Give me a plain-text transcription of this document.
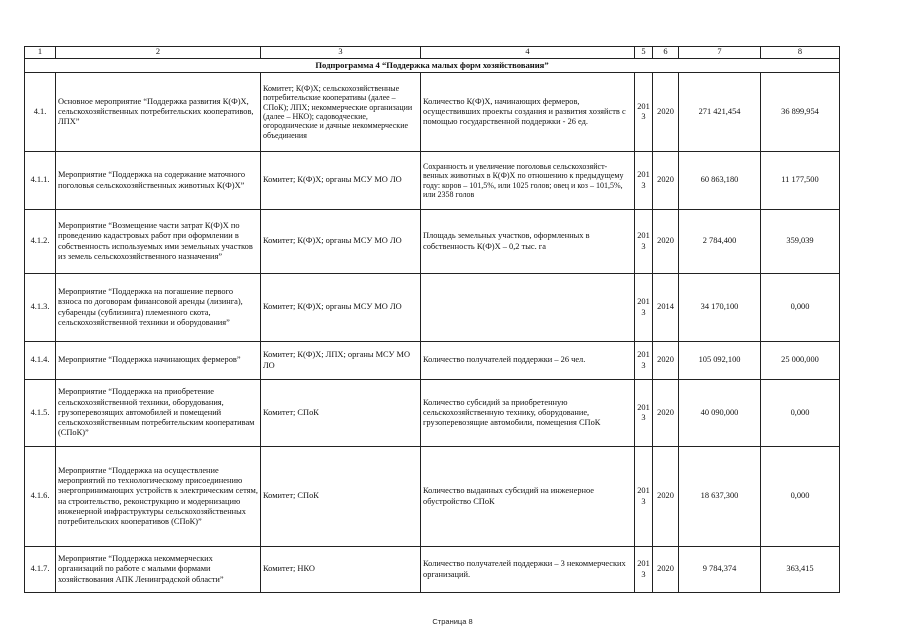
1	2	3	4	5	6	7	8
Подпрограмма 4 “Поддержка малых форм хозяйствования”							
4.1.	Основное мероприятие “Поддержка развития К(Ф)Х, сельскохозяйственных потребительских кооперативов, ЛПХ”	Комитет; К(Ф)Х; сельскохозяйственные потребительские кооперативы (далее – СПоК); ЛПХ; некоммерческие организации (далее – НКО); садоводческие, огороднические и дачные некоммерческие объединения	Количество К(Ф)Х, начинающих фермеров, осуществивших проекты создания и развития хозяйств с помощью государственной поддержки - 26 ед.	2013	2020	271 421,454	36 899,954
4.1.1.	Мероприятие “Поддержка на содержание маточного поголовья сельскохозяйственных животных К(Ф)Х”	Комитет; К(Ф)Х; органы МСУ МО ЛО	Сохранность и увеличение поголовья сельскохозяйст-венных животных в К(Ф)Х по отношению к предыдущему году: коров – 101,5%, или 1025 голов; овец и коз – 101,5%, или 2358 голов	2013	2020	60 863,180	11 177,500
4.1.2.	Мероприятие “Возмещение части затрат К(Ф)Х по проведению кадастровых работ при оформлении в собственность используемых ими земельных участков из земель сельскохозяйственного назначения”	Комитет; К(Ф)Х; органы МСУ МО ЛО	Площадь земельных участков, оформленных в собственность К(Ф)Х – 0,2 тыс. га	2013	2020	2 784,400	359,039
4.1.3.	Мероприятие “Поддержка на погашение первого взноса по договорам финансовой аренды (лизинга), субаренды (сублизинга) племенного скота, сельскохозяйственной техники и оборудования”	Комитет; К(Ф)Х; органы МСУ МО ЛО		2013	2014	34 170,100	0,000
4.1.4.	Мероприятие “Поддержка начинающих фермеров”	Комитет; К(Ф)Х; ЛПХ; органы МСУ МО ЛО	Количество получателей поддержки – 26 чел.	2013	2020	105 092,100	25 000,000
4.1.5.	Мероприятие “Поддержка на приобретение сельскохозяйственной техники, оборудования, грузоперевозящих автомобилей и помещений сельскохозяйственным потребительским кооперативам (СПоК)”	Комитет; СПоК	Количество субсидий за приобретенную сельскохозяйственную технику, оборудование, грузоперевозящие автомобили, помещения СПоК	2013	2020	40 090,000	0,000
4.1.6.	Мероприятие “Поддержка на осуществление мероприятий по технологическому присоединению энергопринимающих устройств к электрическим сетям, на строительство, реконструкцию и модернизацию инженерной инфраструктуры сельскохозяйственных потребительских кооперативов (СПоК)”	Комитет; СПоК	Количество выданных субсидий на инженерное обустройство СПоК	2013	2020	18 637,300	0,000
4.1.7.	Мероприятие “Поддержка некоммерческих организаций по работе с малыми формами хозяйствования АПК Ленинградской области”	Комитет; НКО	Количество получателей поддержки – 3 некоммерческих организаций.	2013	2020	9 784,374	363,415
Страница 8
